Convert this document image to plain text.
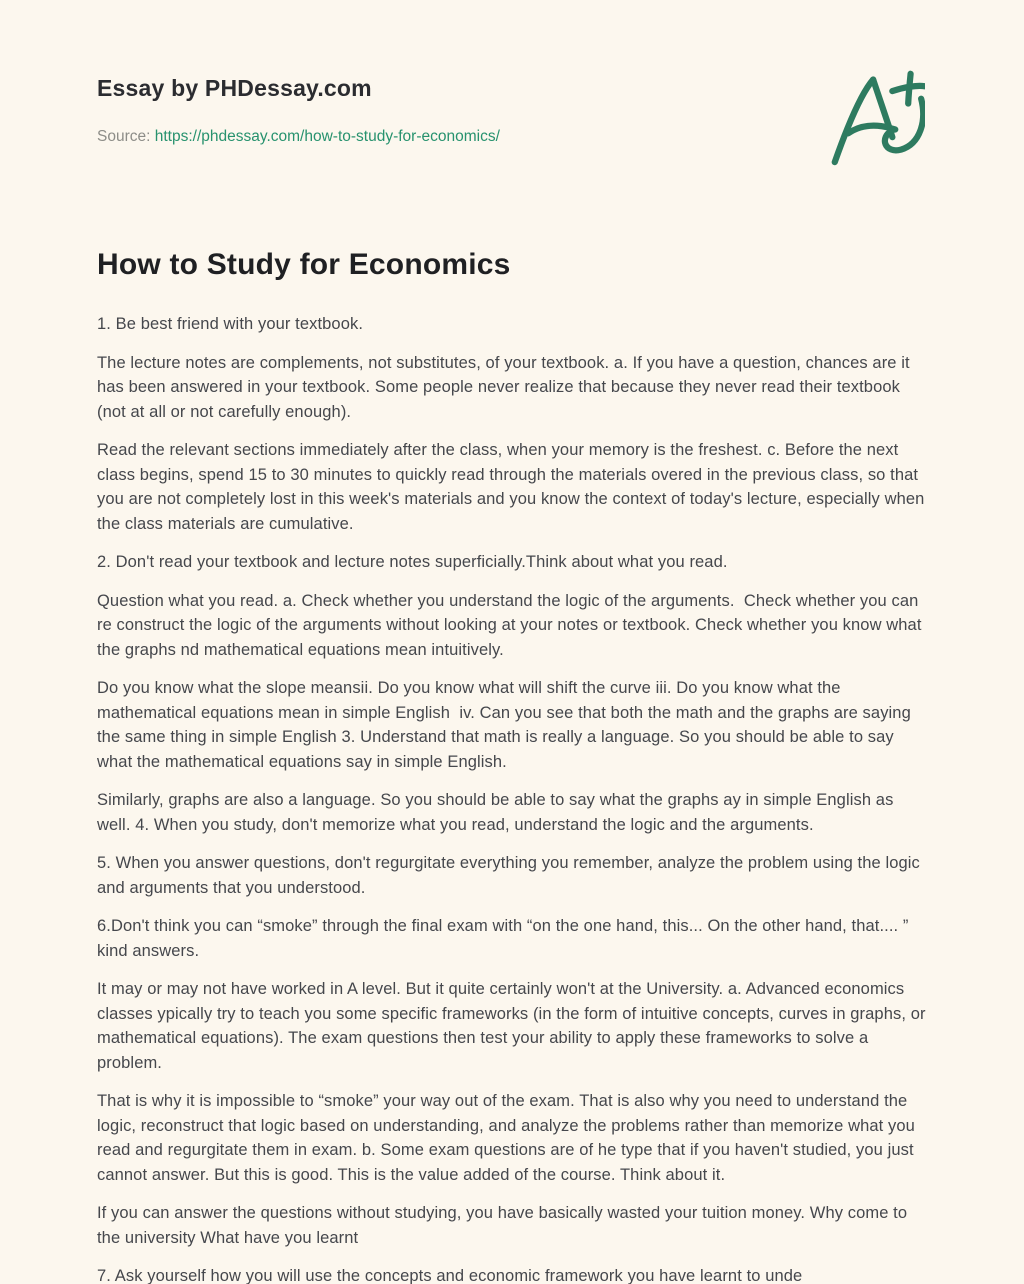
Essay by PHDessay.com
Source: https://phdessay.com/how-to-study-for-economics/
How to Study for Economics

1. Be best friend with your textbook.

The lecture notes are complements, not substitutes, of your textbook. a. If you have a question, chances are it has been answered in your textbook. Some people never realize that because they never read their textbook (not at all or not carefully enough).

Read the relevant sections immediately after the class, when your memory is the freshest. c. Before the next class begins, spend 15 to 30 minutes to quickly read through the materials overed in the previous class, so that you are not completely lost in this week's materials and you know the context of today's lecture, especially when the class materials are cumulative.

2. Don't read your textbook and lecture notes superficially.Think about what you read.

Question what you read. a. Check whether you understand the logic of the arguments.  Check whether you can re construct the logic of the arguments without looking at your notes or textbook. Check whether you know what the graphs nd mathematical equations mean intuitively.

Do you know what the slope meansii. Do you know what will shift the curve iii. Do you know what the mathematical equations mean in simple English  iv. Can you see that both the math and the graphs are saying the same thing in simple English 3. Understand that math is really a language. So you should be able to say what the mathematical equations say in simple English.

Similarly, graphs are also a language. So you should be able to say what the graphs ay in simple English as well. 4. When you study, don't memorize what you read, understand the logic and the arguments.

5. When you answer questions, don't regurgitate everything you remember, analyze the problem using the logic and arguments that you understood.

6.Don't think you can “smoke” through the final exam with “on the one hand, this... On the other hand, that.... ” kind answers.

It may or may not have worked in A level. But it quite certainly won't at the University. a. Advanced economics classes ypically try to teach you some specific frameworks (in the form of intuitive concepts, curves in graphs, or mathematical equations). The exam questions then test your ability to apply these frameworks to solve a problem.

That is why it is impossible to “smoke” your way out of the exam. That is also why you need to understand the logic, reconstruct that logic based on understanding, and analyze the problems rather than memorize what you read and regurgitate them in exam. b. Some exam questions are of he type that if you haven't studied, you just cannot answer. But this is good. This is the value added of the course. Think about it.

If you can answer the questions without studying, you have basically wasted your tuition money. Why come to the university What have you learnt

7. Ask yourself how you will use the concepts and economic framework you have learnt to unde
